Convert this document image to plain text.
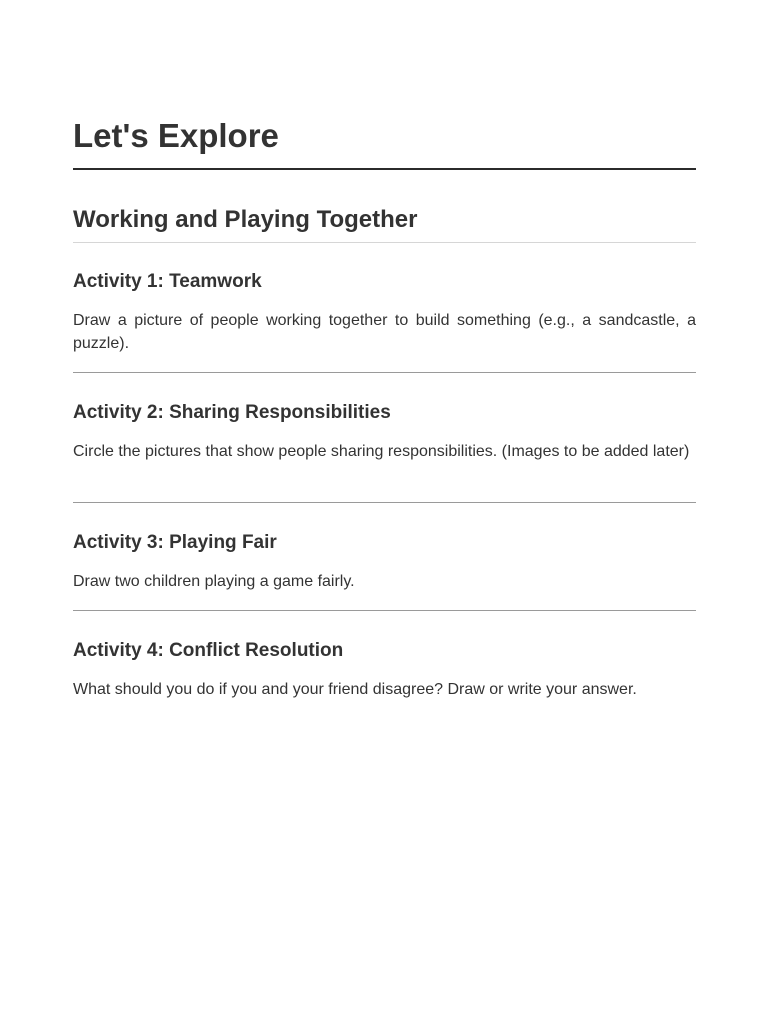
Let's Explore
Working and Playing Together
Activity 1: Teamwork

Draw a picture of people working together to build something (e.g., a sandcastle, a puzzle).

Activity 2: Sharing Responsibilities

Circle the pictures that show people sharing responsibilities. (Images to be added later)

Activity 3: Playing Fair

Draw two children playing a game fairly.

Activity 4: Conflict Resolution

What should you do if you and your friend disagree? Draw or write your answer.
